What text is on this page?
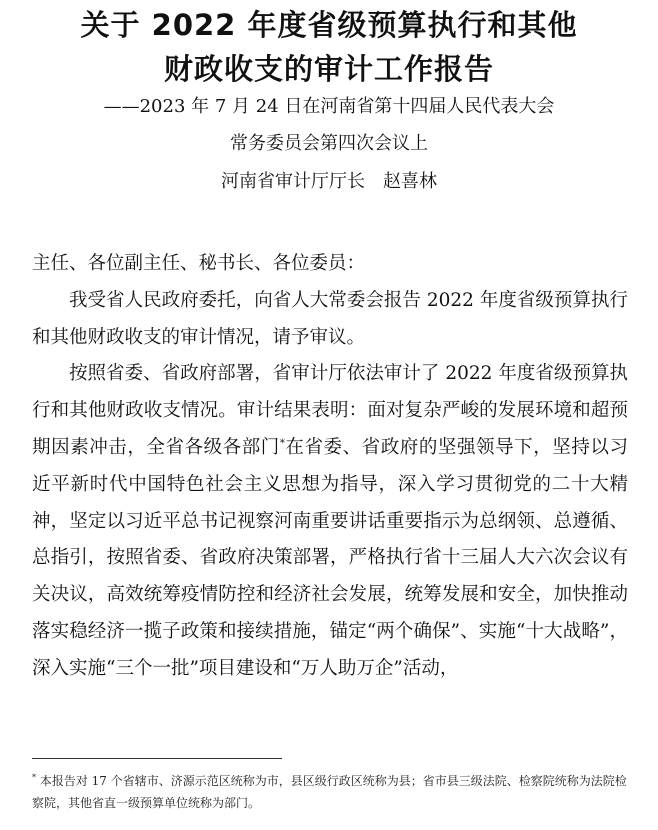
关于 2022 年度省级预算执行和其他
财政收支的审计工作报告
——2023 年 7 月 24 日在河南省第十四届人民代表大会
常务委员会第四次会议上
河南省审计厅厅长　赵喜林

主任、各位副主任、秘书长、各位委员：

我受省人民政府委托，向省人大常委会报告 2022 年度省级预算执行和其他财政收支的审计情况，请予审议。

按照省委、省政府部署，省审计厅依法审计了 2022 年度省级预算执行和其他财政收支情况。审计结果表明：面对复杂严峻的发展环境和超预期因素冲击，全省各级各部门*在省委、省政府的坚强领导下，坚持以习近平新时代中国特色社会主义思想为指导，深入学习贯彻党的二十大精神，坚定以习近平总书记视察河南重要讲话重要指示为总纲领、总遵循、总指引，按照省委、省政府决策部署，严格执行省十三届人大六次会议有关决议，高效统筹疫情防控和经济社会发展，统筹发展和安全，加快推动落实稳经济一揽子政策和接续措施，锚定“两个确保”、实施“十大战略”，深入实施“三个一批”项目建设和“万人助万企”活动，

* 本报告对 17 个省辖市、济源示范区统称为市，县区级行政区统称为县；省市县三级法院、检察院统称为法院检察院，其他省直一级预算单位统称为部门。
